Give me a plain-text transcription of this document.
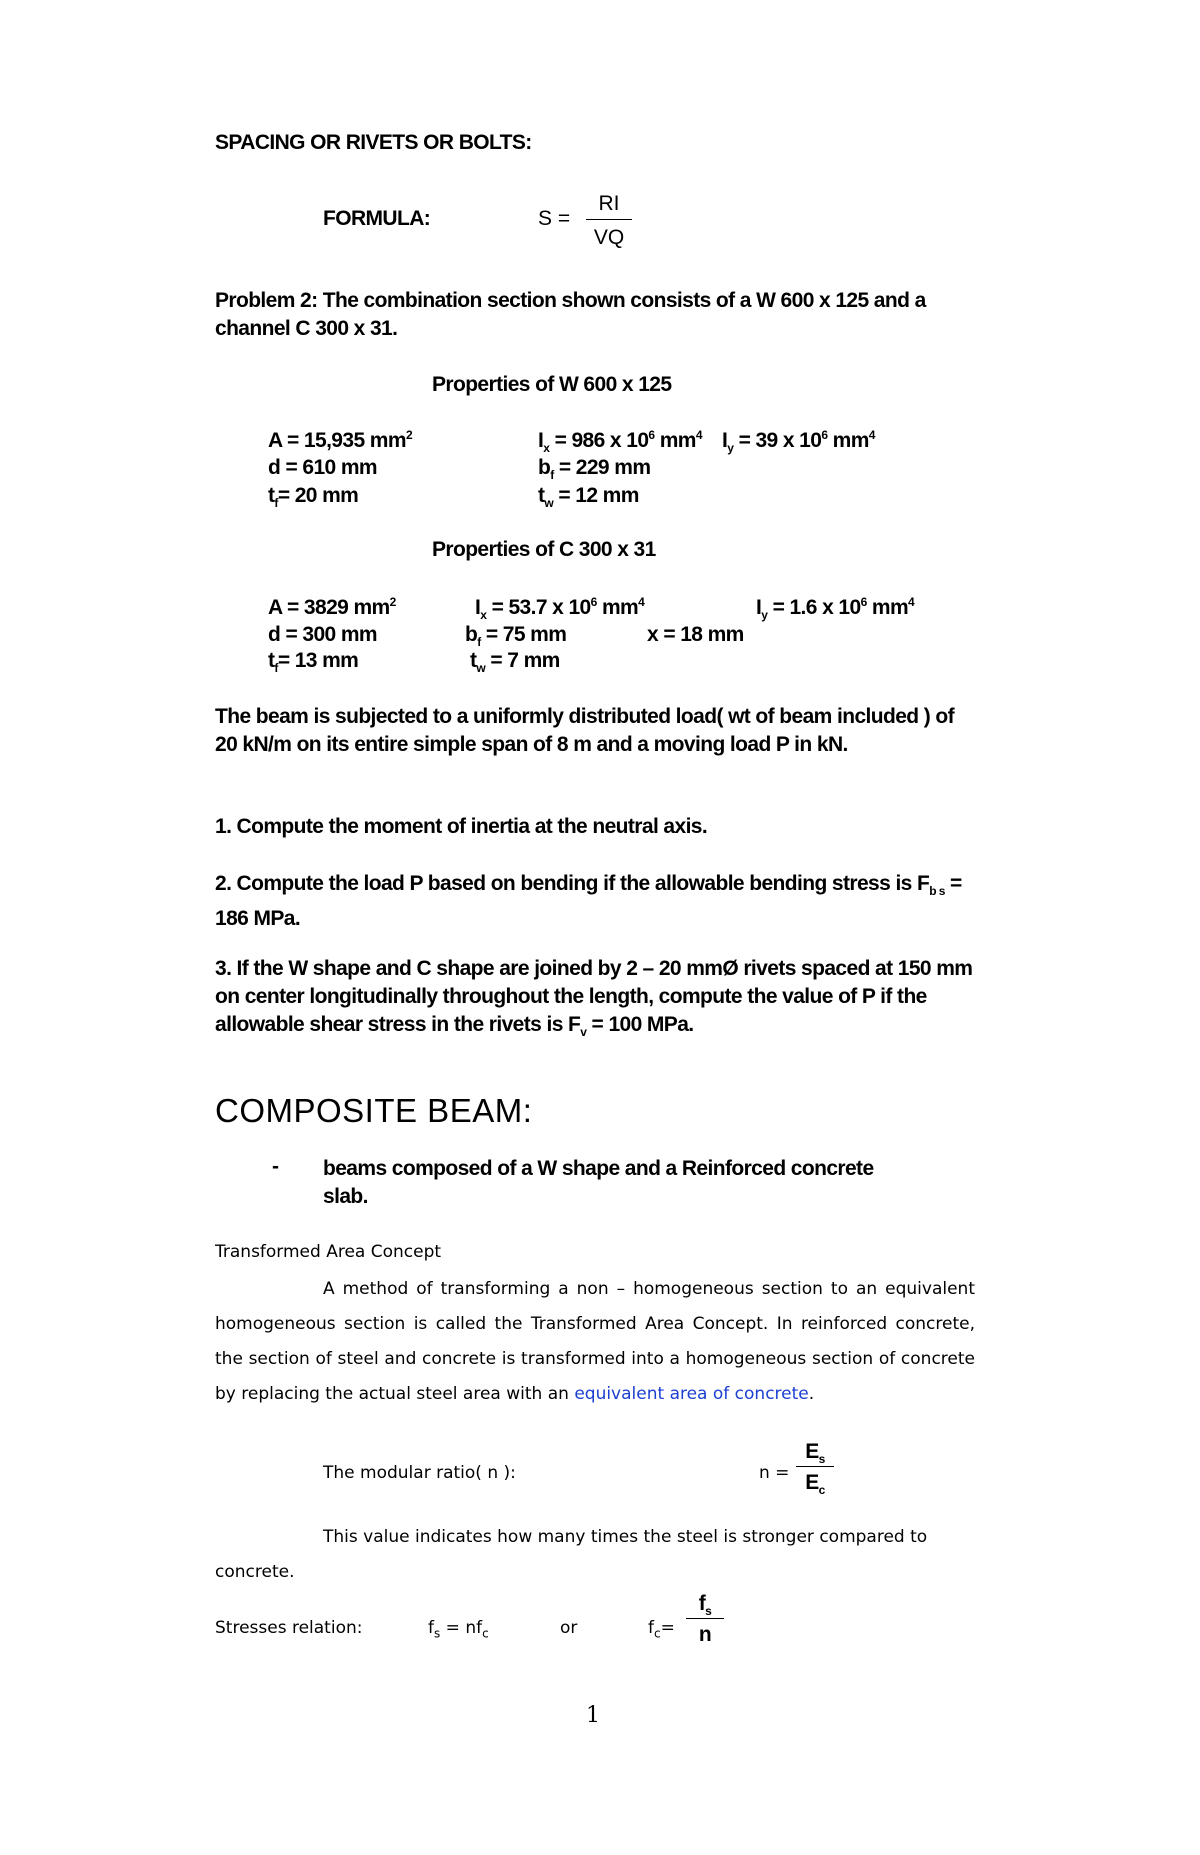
SPACING OR RIVETS OR BOLTS:
FORMULA:	S =
RI
VQ
Problem 2: The combination section shown consists of a W 600 x 125 and a channel C 300 x 31.
Properties of W 600 x 125
A = 15,935 $mm^2$	$I_x = 986$ x $10^6$ $mm^4$ $I_y = 39$ x $10^6$ $mm^4$
d = 610 mm	$b_f = 229$ mm
$t_f= 20$ mm	$t_w = 12$ mm
Properties of C 300 x 31
A = 3829 $mm^2$	$I_x = 53.7$ x $10^6$ $mm^4$	$I_y = 1.6$ x $10^6$ $mm^4$
d = 300 mm	$b_f = 75$ mm	x = 18 mm
$t_f= 13$ mm	$t_w = 7$ mm
The beam is subjected to a uniformly distributed load( wt of beam included ) of 20 kN/m on its entire simple span of 8 m and a moving load P in kN.
1. Compute the moment of inertia at the neutral axis.
2. Compute the load P based on bending if the allowable bending stress is $F_{b s} = 186$ MPa.
3. If the W shape and C shape are joined by 2 – 20 mmØ rivets spaced at 150 mm on center longitudinally throughout the length, compute the value of P if the allowable shear stress in the rivets is $F_v = 100$ MPa.
COMPOSITE BEAM:
- beams composed of a W shape and a Reinforced concrete slab.
Transformed Area Concept
A method of transforming a non – homogeneous section to an equivalent homogeneous section is called the Transformed Area Concept. In reinforced concrete, the section of steel and concrete is transformed into a homogeneous section of concrete by replacing the actual steel area with an equivalent area of concrete.
The modular ratio( n ):	n =
$E_s$
$E_c$
This value indicates how many times the steel is stronger compared to concrete.
Stresses relation:	$f_s = nf_c$	or	$f_c=$
$f_s$
n
1
